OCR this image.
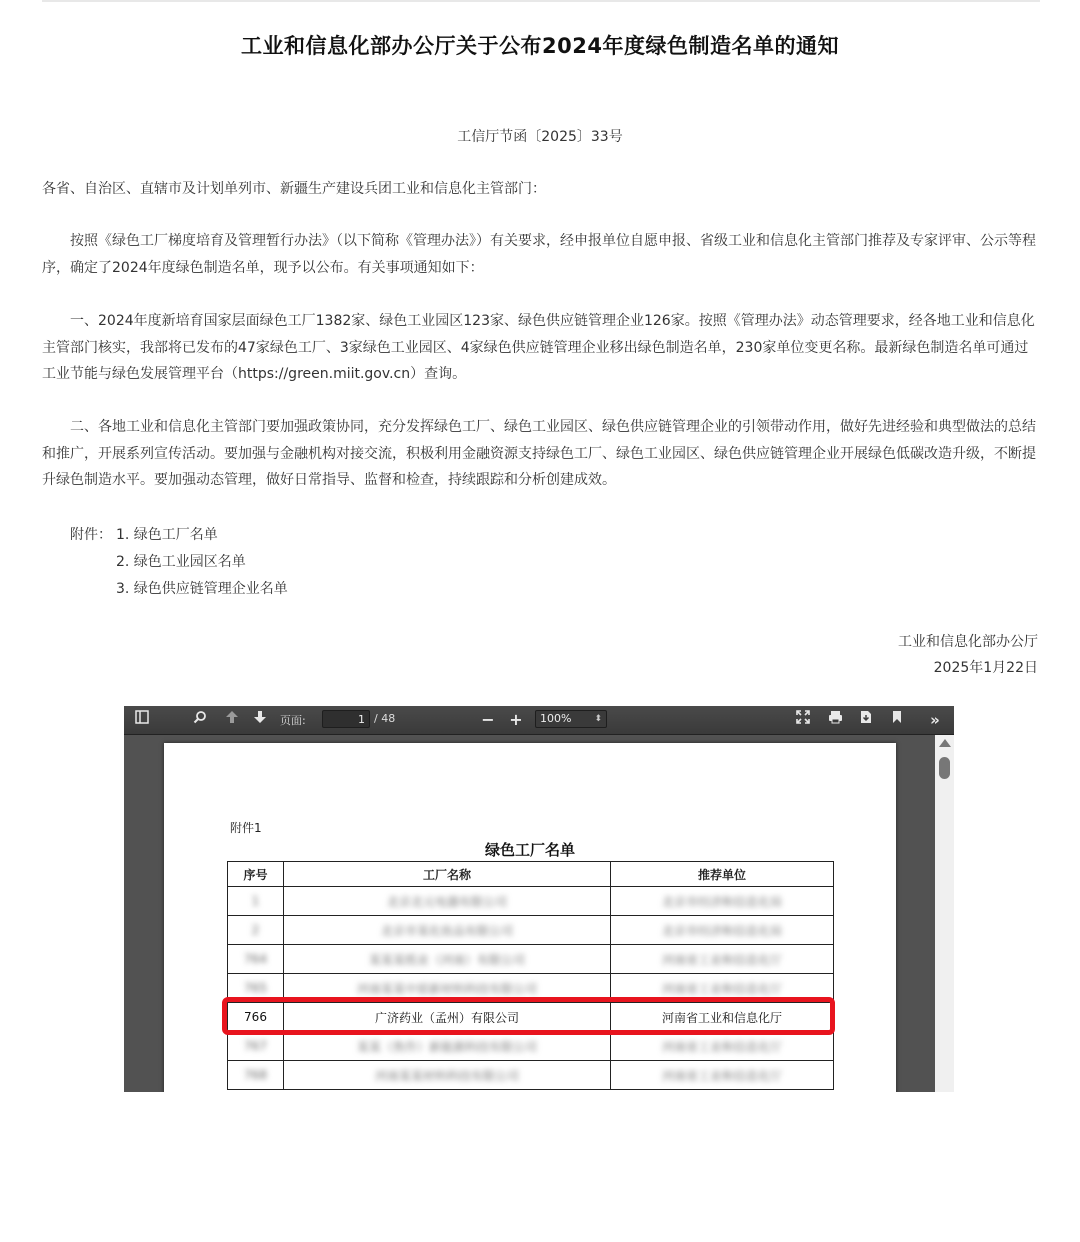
工业和信息化部办公厅关于公布2024年度绿色制造名单的通知
工信厅节函〔2025〕33号

各省、自治区、直辖市及计划单列市、新疆生产建设兵团工业和信息化主管部门：

按照《绿色工厂梯度培育及管理暂行办法》（以下简称《管理办法》）有关要求，经申报单位自愿申报、省级工业和信息化主管部门推荐及专家评审、公示等程序，确定了2024年度绿色制造名单，现予以公布。有关事项通知如下：

一、2024年度新培育国家层面绿色工厂1382家、绿色工业园区123家、绿色供应链管理企业126家。按照《管理办法》动态管理要求，经各地工业和信息化主管部门核实，我部将已发布的47家绿色工厂、3家绿色工业园区、4家绿色供应链管理企业移出绿色制造名单，230家单位变更名称。最新绿色制造名单可通过工业节能与绿色发展管理平台（https://green.miit.gov.cn）查询。

二、各地工业和信息化主管部门要加强政策协同，充分发挥绿色工厂、绿色工业园区、绿色供应链管理企业的引领带动作用，做好先进经验和典型做法的总结和推广，开展系列宣传活动。要加强与金融机构对接交流，积极利用金融资源支持绿色工厂、绿色工业园区、绿色供应链管理企业开展绿色低碳改造升级，不断提升绿色制造水平。要加强动态管理，做好日常指导、监督和检查，持续跟踪和分析创建成效。

附件： 1. 绿色工厂名单
2. 绿色工业园区名单
3. 绿色供应链管理企业名单
工业和信息化部办公厅
2025年1月22日
页面:	1 / 48	− +	100%	⬍	»
附件1
绿色工厂名单
序号	工厂名称	推荐单位
1	北京北元电器有限公司	北京市经济和信息化局
2	北京市某化妆品有限公司	北京市经济和信息化局
764	某某某纸业（河南）有限公司	河南省工业和信息化厅
765	河南某某中原新材料科技有限公司	河南省工业和信息化厅
766	广济药业（孟州）有限公司	河南省工业和信息化厅
767	某某（焦作）新能源科技有限公司	河南省工业和信息化厅
768	河南某某材料科技有限公司	河南省工业和信息化厅
